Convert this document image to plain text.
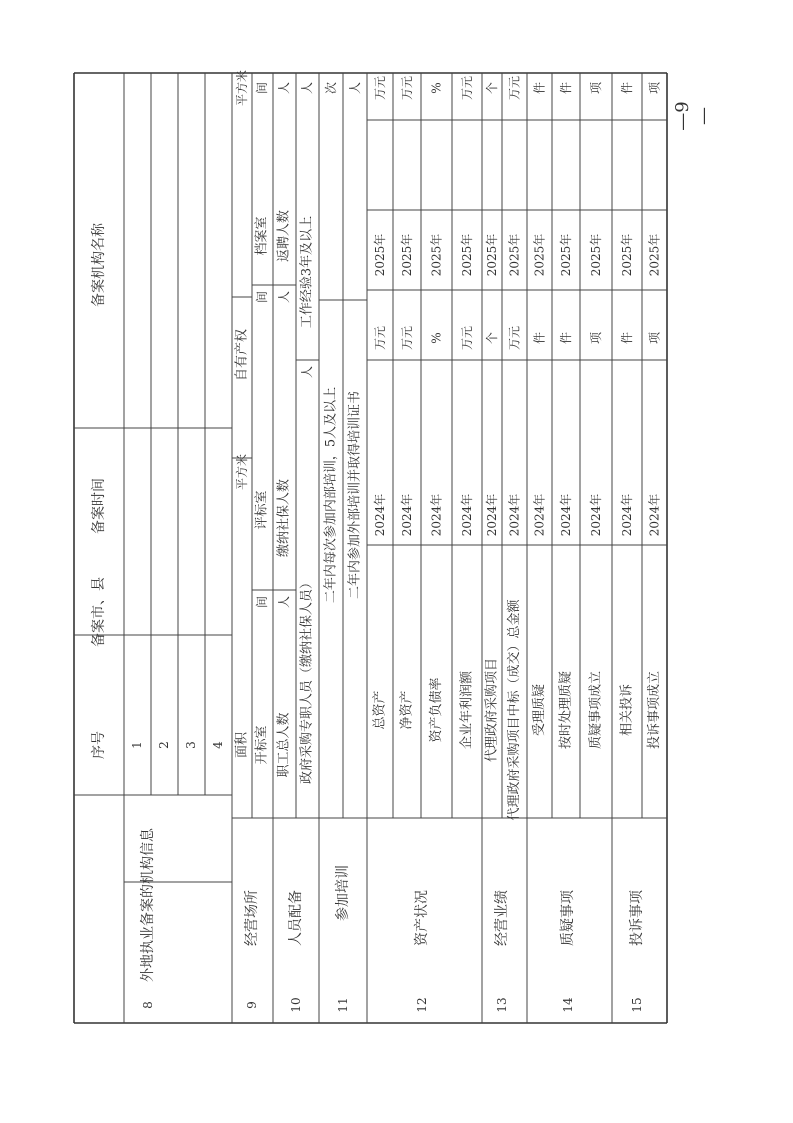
序号
备案市、县
备案时间
备案机构名称
8
外地执业备案的机构信息
1 2 3 4
9
经营场所
面积
平方米
自有产权
平方米
开标室
间
评标室
间
档案室
间
10
人员配备
职工总人数
人
缴纳社保人数
人
返聘人数
人
政府采购专职人员（缴纳社保人员）
人
工作经验3年及以上
人
11
参加培训
二年内每次参加内部培训，5人及以上
次
二年内参加外部培训并取得培训证书
人
12
资产状况
总资产
2024年
万元
2025年
万元
净资产
2024年
万元
2025年
万元
资产负债率
2024年
%
2025年
%
企业年利润额
2024年
万元
2025年
万元
13
经营业绩
代理政府采购项目
2024年
个
2025年
个
代理政府采购项目中标（成交）总金额
2024年
万元
2025年
万元
14
质疑事项
受理质疑
2024年
件
2025年
件
按时处理质疑
2024年
件
2025年
件
质疑事项成立
2024年
项
2025年
项
15
投诉事项
相关投诉
2024年
件
2025年
件
投诉事项成立
2024年
项
2025年
项
—9—
